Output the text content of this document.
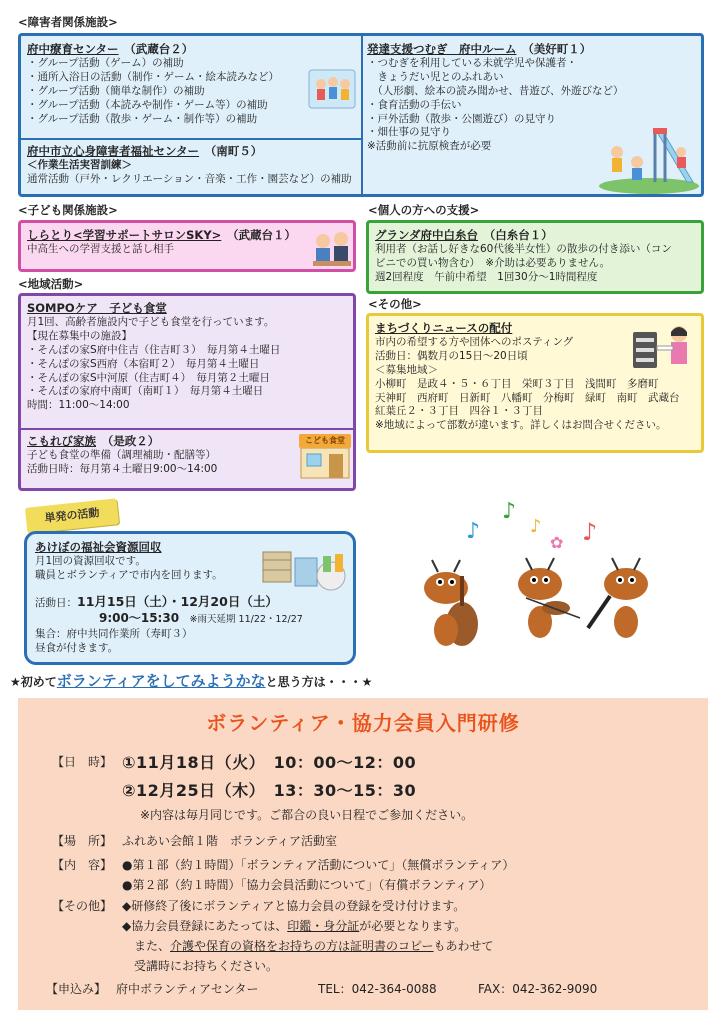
<障害者関係施設>
<子ども関係施設>
<地域活動>
<個人の方への支援>
<その他>
府中療育センター　 （武蔵台２）
・グループ活動（ゲーム）の補助
・通所入浴日の活動（制作・ゲーム・絵本読みなど）
・グループ活動（簡単な制作）の補助
・グループ活動（本読みや制作・ゲーム等）の補助
・グループ活動（散歩・ゲーム・制作等）の補助
府中市立心身障害者福祉センター　 （南町５）
＜作業生活実習訓練＞
通常活動（戸外・レクリエーション・音楽・工作・園芸など）の補助
発達支援つむぎ　府中ルーム　 （美好町１）
・つむぎを利用している未就学児や保護者・
　きょうだい児とのふれあい
　（人形劇、絵本の読み聞かせ、昔遊び、外遊びなど）
・食育活動の手伝い
・戸外活動（散歩・公園遊び）の見守り
・畑仕事の見守り
※活動前に抗原検査が必要
しらとり<学習サポートサロンSKY>　 （武蔵台１）
中高生への学習支援と話し相手
グランダ府中白糸台　 （白糸台１）
利用者（お話し好きな60代後半女性）の散歩の付き添い（コン
ビニでの買い物含む）　※介助は必要ありません。
週2回程度　午前中希望　1回30分～1時間程度
SOMPOケア　子ども食堂
月1回、高齢者施設内で子ども食堂を行っています。
【現在募集中の施設】
・そんぽの家S府中住吉（住吉町３）　毎月第４土曜日
・そんぽの家S西府（本宿町２）　毎月第４土曜日
・そんぽの家S中河原（住吉町４）　毎月第２土曜日
・そんぽの家府中南町（南町１）　毎月第４土曜日
時間：11:00～14:00
こもれび家族　 （是政２）
子ども食堂の準備（調理補助・配膳等）
活動日時：毎月第４土曜日9:00～14:00
こども食堂
まちづくりニュースの配付
市内の希望する方や団体へのポスティング
活動日：偶数月の15日～20日頃
＜募集地域＞
小柳町　是政４・５・６丁目　栄町３丁目　浅間町　多磨町
天神町　西府町　日新町　八幡町　分梅町　緑町　南町　武蔵台
紅葉丘２・３丁目　四谷１・３丁目
※地域によって部数が違います。詳しくはお問合せください。
単発の活動
あけぼの福祉会資源回収
月1回の資源回収です。
職員とボランティアで市内を回ります。
活動日：11月15日（土）・12月20日（土）
9:00～15:30　 ※雨天延期 11/22・12/27
集合：府中共同作業所（寿町３）
昼食が付きます。
♪
♪
♪
✿ ♪
★初めてボランティアをしてみようかなと思う方は・・・★
ボランティア・協力会員入門研修
【日　時】 ①11月18日（火）　10：00～12：00
②12月25日（木）　13：30～15：30
※内容は毎月同じです。ご都合の良い日程でご参加ください。
【場　所】 ふれあい会館１階　ボランティア活動室
【内　容】 ●第１部（約１時間）「ボランティア活動について」（無償ボランティア）
●第２部（約１時間）「協力会員活動について」（有償ボランティア）
【その他】 ◆研修終了後にボランティアと協力会員の登録を受け付けます。
◆協力会員登録にあたっては、印鑑・身分証が必要となります。
　また、介護や保育の資格をお持ちの方は証明書のコピーもあわせて
　受講時にお持ちください。
【申込み】 府中ボランティアセンター	TEL：042-364-0088	FAX：042-362-9090
